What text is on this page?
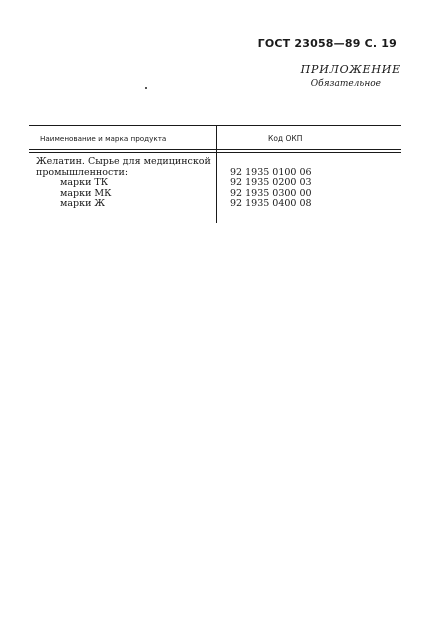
ГОСТ 23058—89 С. 19
ПРИЛОЖЕНИЕ
Обязательное
Наименование и марка продукта	Код ОКП
Желатин. Сырье для медицинской
промышленности:	92 1935 0100 06
марки ТК	92 1935 0200 03
марки МК	92 1935 0300 00
марки Ж	92 1935 0400 08
